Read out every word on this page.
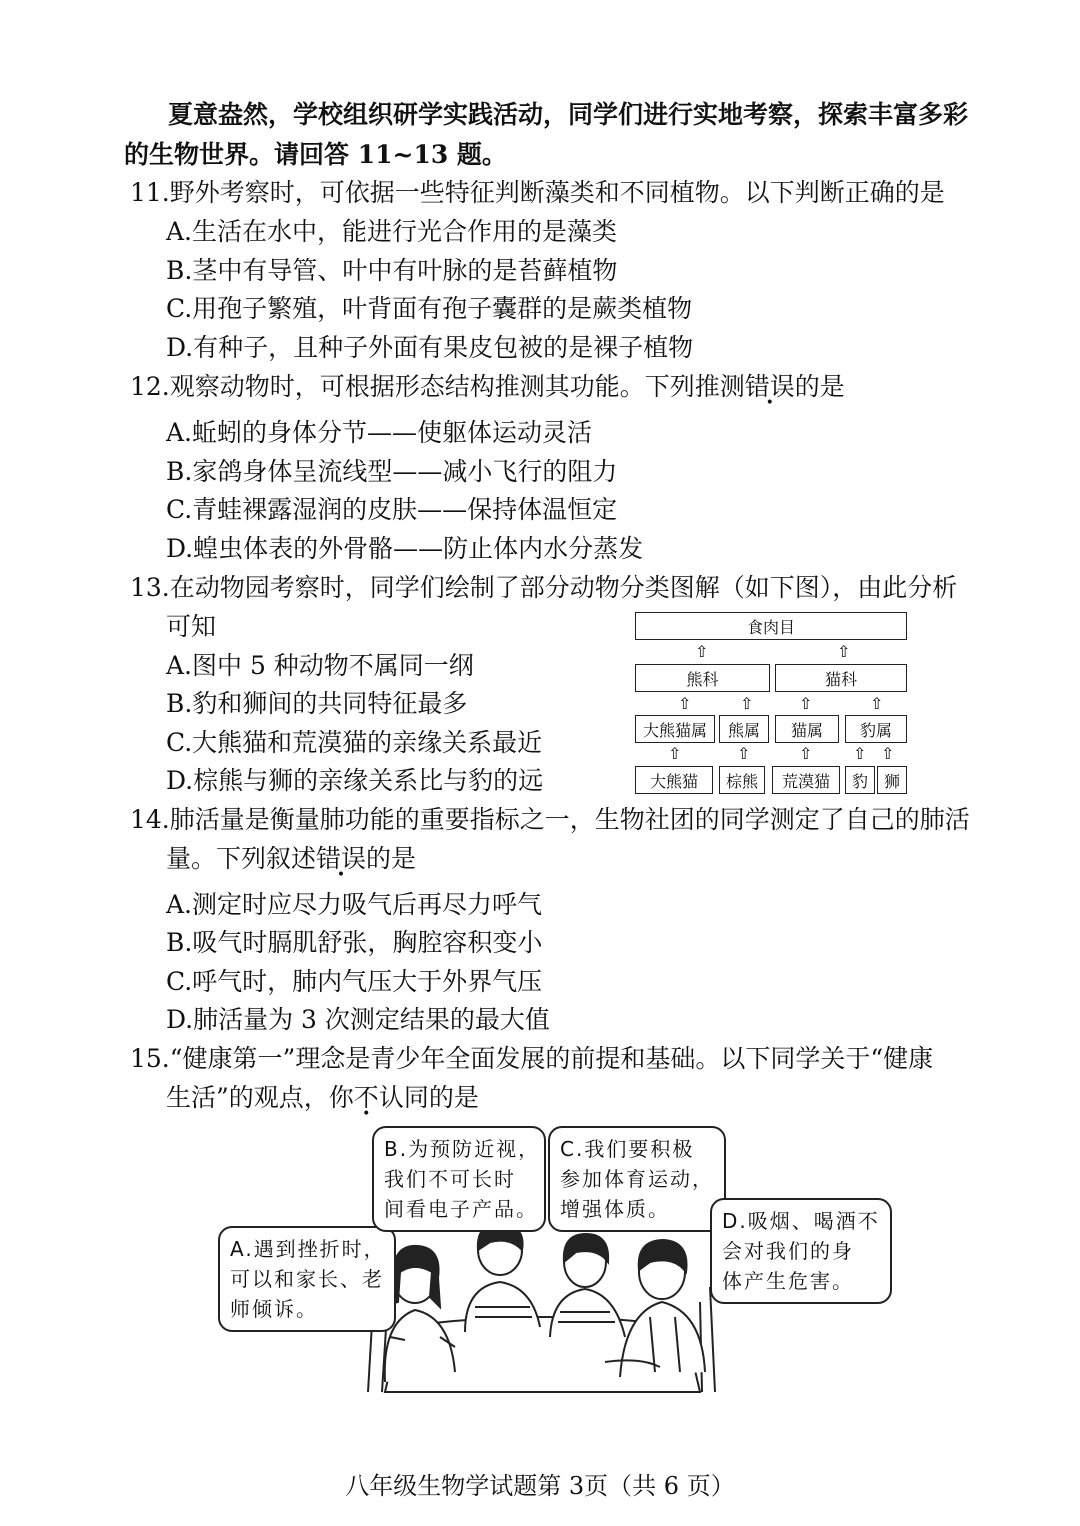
夏意盎然，学校组织研学实践活动，同学们进行实地考察，探索丰富多彩
的生物世界。请回答 11~13 题。
11.野外考察时，可依据一些特征判断藻类和不同植物。以下判断正确的是
A.生活在水中，能进行光合作用的是藻类
B.茎中有导管、叶中有叶脉的是苔藓植物
C.用孢子繁殖，叶背面有孢子囊群的是蕨类植物
D.有种子，且种子外面有果皮包被的是裸子植物
12.观察动物时，可根据形态结构推测其功能。下列推测错误的是
A.蚯蚓的身体分节——使躯体运动灵活
B.家鸽身体呈流线型——减小飞行的阻力
C.青蛙裸露湿润的皮肤——保持体温恒定
D.蝗虫体表的外骨骼——防止体内水分蒸发
13.在动物园考察时，同学们绘制了部分动物分类图解（如下图），由此分析
可知
A.图中 5 种动物不属同一纲
B.豹和狮间的共同特征最多
C.大熊猫和荒漠猫的亲缘关系最近
D.棕熊与狮的亲缘关系比与豹的远
食肉目
⇧	⇧
熊科	猫科
⇧	⇧	⇧	⇧
大熊猫属	熊属	猫属	豹属
⇧	⇧	⇧	⇧ ⇧
大熊猫	棕熊	荒漠猫	豹 狮
14.肺活量是衡量肺功能的重要指标之一，生物社团的同学测定了自己的肺活
量。下列叙述错误的是
A.测定时应尽力吸气后再尽力呼气
B.吸气时膈肌舒张，胸腔容积变小
C.呼气时，肺内气压大于外界气压
D.肺活量为 3 次测定结果的最大值
15.“健康第一”理念是青少年全面发展的前提和基础。以下同学关于“健康
生活”的观点，你不认同的是
A.遇到挫折时，
可以和家长、老
师倾诉。
B.为预防近视，
我们不可长时
间看电子产品。
C.我们要积极
参加体育运动，
增强体质。	D.吸烟、喝酒不
会对我们的身
体产生危害。
八年级生物学试题第 3页（共 6 页）
